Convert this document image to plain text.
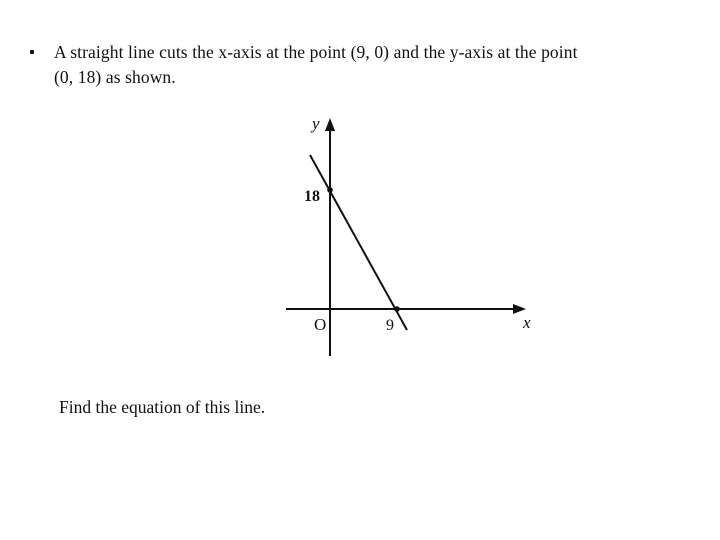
A straight line cuts the x-axis at the point (9, 0) and the y-axis at the point
(0, 18) as shown.
y
x
O
18
9
Find the equation of this line.
